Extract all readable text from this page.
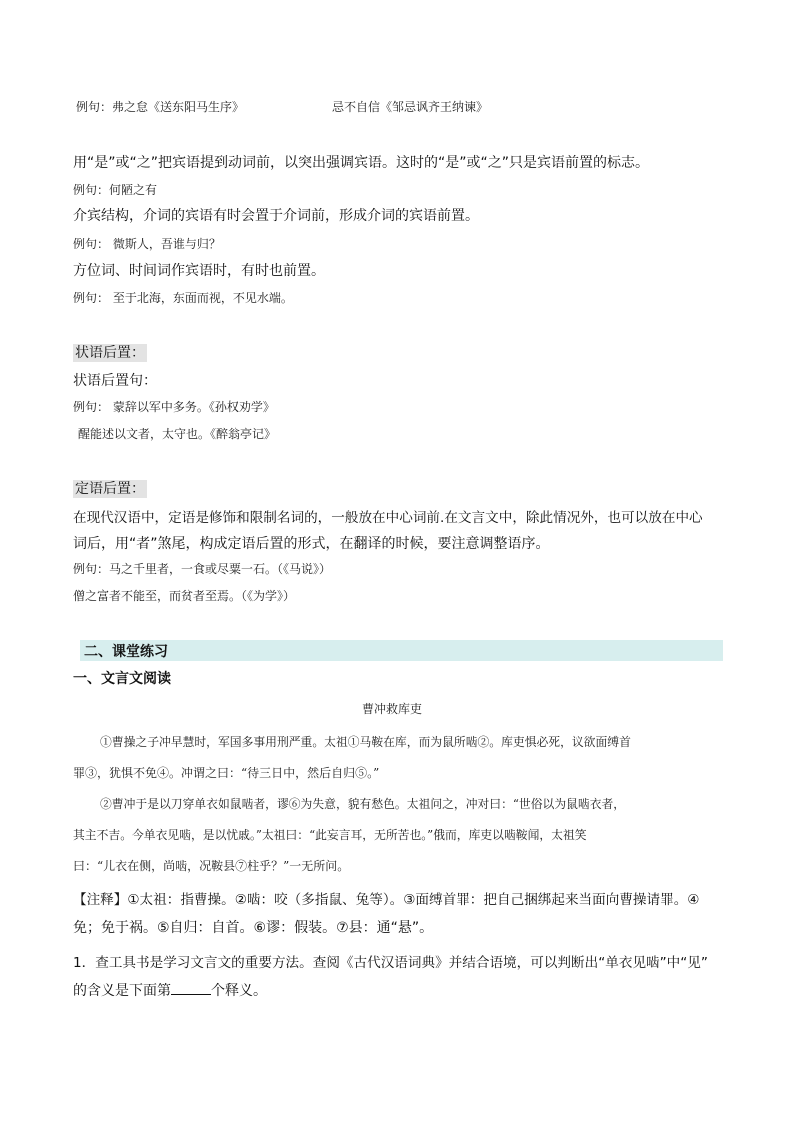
例句：弗之怠《送东阳马生序》	忌不自信《邹忌讽齐王纳谏》
用“是”或“之”把宾语提到动词前，以突出强调宾语。这时的“是”或“之”只是宾语前置的标志。
例句：何陋之有
介宾结构，介词的宾语有时会置于介词前，形成介词的宾语前置。
例句： 微斯人，吾谁与归？
方位词、时间词作宾语时，有时也前置。
例句： 至于北海，东面而视，不见水端。
状语后置：
状语后置句：
例句： 蒙辞以军中多务。《孙权劝学》
醒能述以文者，太守也。《醉翁亭记》
定语后置：
在现代汉语中，定语是修饰和限制名词的，一般放在中心词前.在文言文中，除此情况外，也可以放在中心
词后，用“者”煞尾，构成定语后置的形式，在翻译的时候，要注意调整语序。
例句：马之千里者，一食或尽粟一石。（《马说》）
僧之富者不能至，而贫者至焉。（《为学》）
二、课堂练习
一、文言文阅读
曹冲救库吏
①曹操之子冲早慧时，军国多事用刑严重。太祖①马鞍在库，而为鼠所啮②。库吏惧必死，议欲面缚首
罪③，犹惧不免④。冲谓之曰：“待三日中，然后自归⑤。”
②曹冲于是以刀穿单衣如鼠啮者，谬⑥为失意，貌有愁色。太祖问之，冲对曰：“世俗以为鼠啮衣者，
其主不吉。今单衣见啮，是以忧戚。”太祖曰：“此妄言耳，无所苦也。”俄而，库吏以啮鞍闻，太祖笑
曰：“儿衣在侧，尚啮，况鞍县⑦柱乎？”一无所问。
【注释】①太祖：指曹操。②啮：咬（多指鼠、兔等）。③面缚首罪：把自己捆绑起来当面向曹操请罪。④
免；免于祸。⑤自归：自首。⑥谬：假装。⑦县：通“悬”。
1．查工具书是学习文言文的重要方法。查阅《古代汉语词典》并结合语境，可以判断出“单衣见啮”中“见”
的含义是下面第	个释义。
